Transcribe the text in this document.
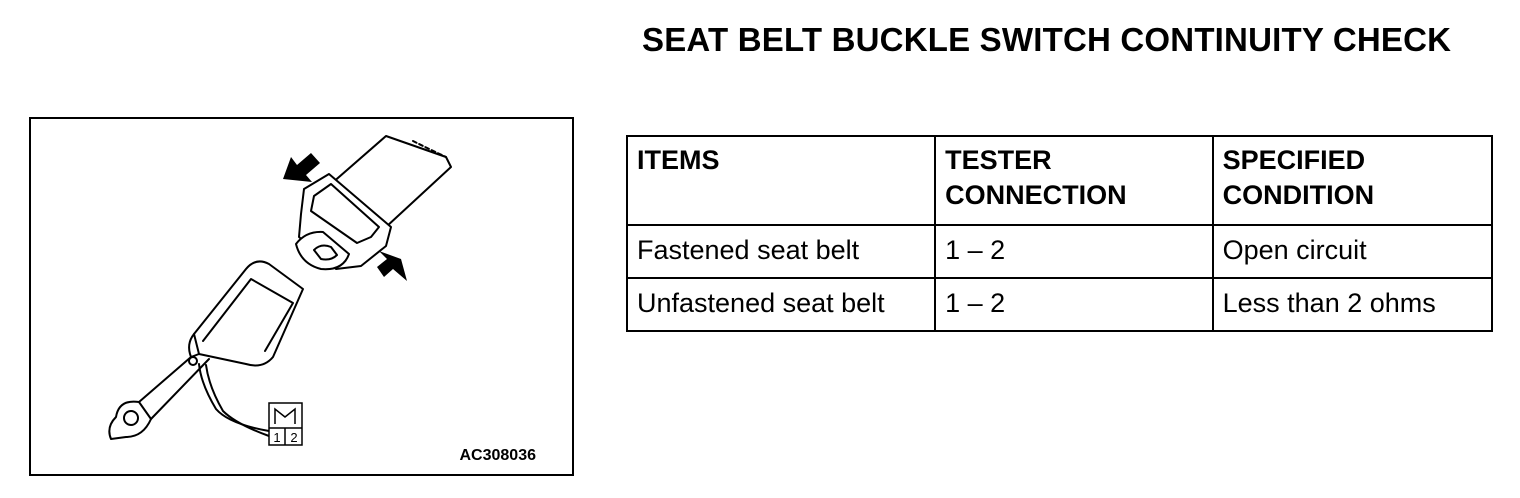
1 2
AC308036
SEAT BELT BUCKLE SWITCH CONTINUITY CHECK
ITEMS	TESTER CONNECTION	SPECIFIED CONDITION
Fastened seat belt	1 – 2	Open circuit
Unfastened seat belt	1 – 2	Less than 2 ohms
